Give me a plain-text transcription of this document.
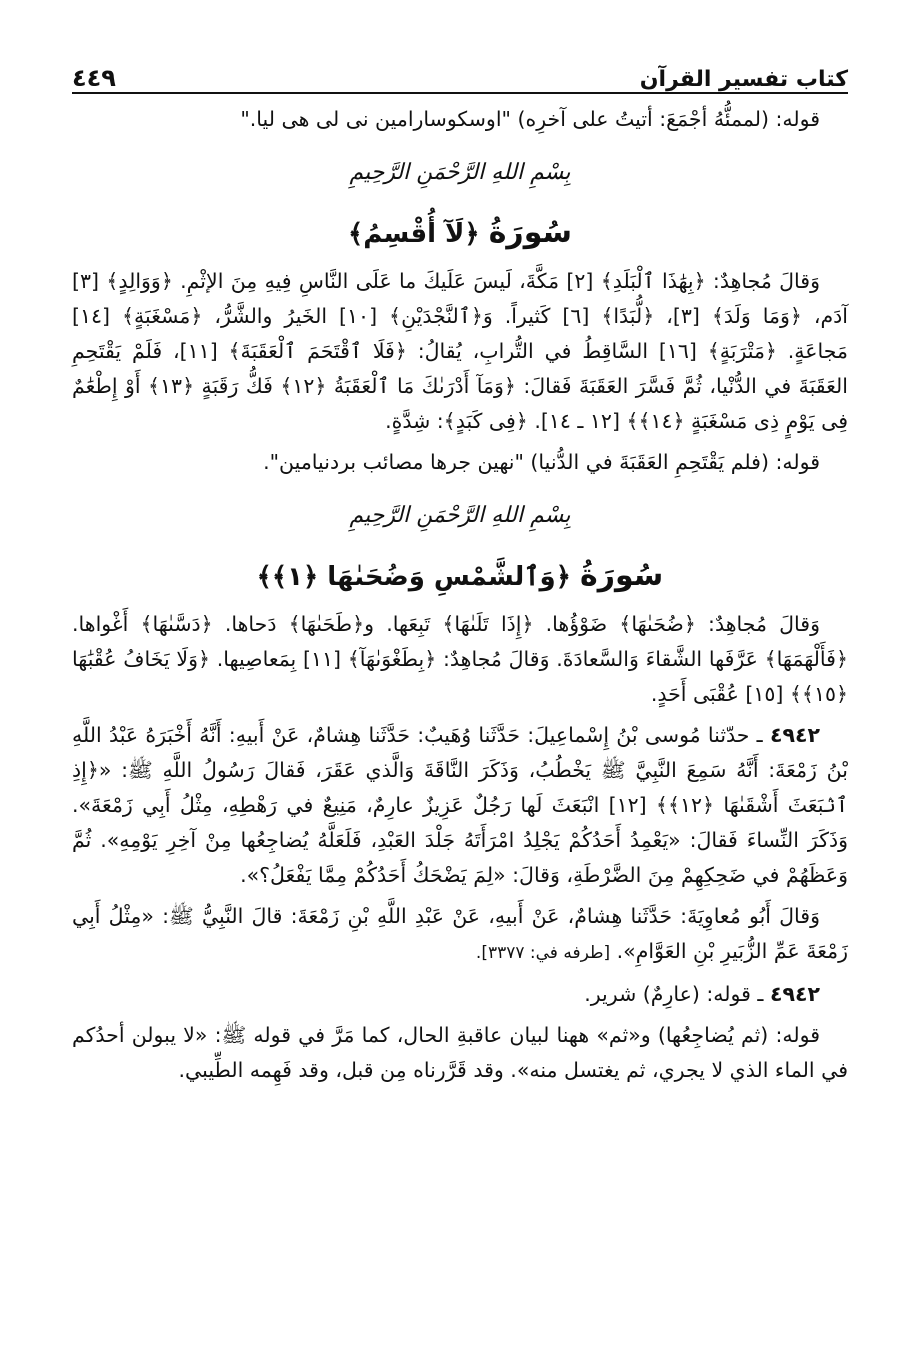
كتاب تفسير القرآن
٤٤٩

قوله: (لممئُّهُ أجْمَعَ: أتيتُ على آخرِه) "اوسكوسارامين نى لى هى ليا."

بِسْمِ اللهِ الرَّحْمَنِ الرَّحِيمِ
سُورَةُ ﴿لَآ أُقْسِمُ﴾

وَقالَ مُجاهِدٌ: ﴿بِهَٰذَا ٱلْبَلَدِ﴾ [٢] مَكَّةَ، لَيسَ عَلَيكَ ما عَلَى النَّاسِ فِيهِ مِنَ الإثْمِ. ﴿وَوَالِدٍ﴾ [٣] آدَم، ﴿وَمَا وَلَدَ﴾ [٣]، ﴿لُّبَدًا﴾ [٦] كَثيراً. وَ﴿ٱلنَّجْدَيْنِ﴾ [١٠] الخَيرُ والشَّرُّ، ﴿مَسْغَبَةٍ﴾ [١٤] مَجاعَةٍ. ﴿مَتْرَبَةٍ﴾ [١٦] السَّاقِطُ في التُّرابِ، يُقالُ: ﴿فَلَا ٱقْتَحَمَ ٱلْعَقَبَةَ﴾ [١١]، فَلَمْ يَقْتَحِمِ العَقَبَةَ في الدُّنْيا، ثُمَّ فَسَّرَ العَقَبَةَ فَقالَ: ﴿وَمَآ أَدْرَىٰكَ مَا ٱلْعَقَبَةُ ﴿١٢﴾ فَكُّ رَقَبَةٍ ﴿١٣﴾ أَوْ إِطْعَٰمٌ فِى يَوْمٍ ذِى مَسْغَبَةٍ ﴿١٤﴾﴾ [١٢ ـ ١٤]. ﴿فِى كَبَدٍ﴾: شِدَّةٍ.

قوله: (فلم يَقْتَحِمِ العَقَبَةَ في الدُّنيا) "نهين جرها مصائب بردنيامين".

بِسْمِ اللهِ الرَّحْمَنِ الرَّحِيمِ
سُورَةُ ﴿وَٱلشَّمْسِ وَضُحَىٰهَا ﴿١﴾﴾

وَقالَ مُجاهِدٌ: ﴿ضُحَىٰهَا﴾ ضَوْؤُها. ﴿إِذَا تَلَىٰهَا﴾ تَبِعَها. و﴿طَحَىٰهَا﴾ دَحاها. ﴿دَسَّىٰهَا﴾ أَغْواها. ﴿فَأَلْهَمَهَا﴾ عَرَّفَها الشَّقاءَ وَالسَّعادَةَ. وَقالَ مُجاهِدٌ: ﴿بِطَغْوَىٰهَآ﴾ [١١] بِمَعاصِيها. ﴿وَلَا يَخَافُ عُقْبَٰهَا ﴿١٥﴾﴾ [١٥] عُقْبَى أَحَدٍ.

٤٩٤٢ ـ حدّثنا مُوسى بْنُ إِسْماعِيلَ: حَدَّثَنا وُهَيبٌ: حَدَّثَنا هِشامٌ، عَنْ أَبيهِ: أَنَّهُ أَخْبَرَهُ عَبْدُ اللَّهِ بْنُ زَمْعَةَ: أَنَّهُ سَمِعَ النَّبِيَّ ﷺ يَخْطُبُ، وَذَكَرَ النَّاقَةَ وَالَّذي عَقَرَ، فَقالَ رَسُولُ اللَّهِ ﷺ: «﴿إِذِ ٱنۢبَعَثَ أَشْقَىٰهَا ﴿١٢﴾﴾ [١٢] انْبَعَثَ لَها رَجُلٌ عَزِيزٌ عارِمٌ، مَنِيعٌ في رَهْطِهِ، مِثْلُ أَبِي زَمْعَةَ». وَذَكَرَ النِّساءَ فَقالَ: «يَعْمِدُ أَحَدُكُمْ يَجْلِدُ امْرَأَتَهُ جَلْدَ العَبْدِ، فَلَعَلَّهُ يُضاجِعُها مِنْ آخِرِ يَوْمِهِ». ثُمَّ وَعَظَهُمْ في ضَحِكِهِمْ مِنَ الضَّرْطَةِ، وَقالَ: «لِمَ يَضْحَكُ أَحَدُكُمْ مِمَّا يَفْعَلُ؟».

وَقالَ أَبُو مُعاوِيَةَ: حَدَّثَنا هِشامٌ، عَنْ أَبيهِ، عَنْ عَبْدِ اللَّهِ بْنِ زَمْعَةَ: قالَ النَّبِيُّ ﷺ: «مِثْلُ أَبِي زَمْعَةَ عَمِّ الزُّبَيرِ بْنِ العَوَّامِ». [طرفه في: ٣٣٧٧].

٤٩٤٢ ـ قوله: (عارِمٌ) شرير.

قوله: (ثم يُضاجِعُها) و«ثم» ههنا لبيان عاقبةِ الحال، كما مَرَّ في قوله ﷺ: «لا يبولن أحدُكم في الماء الذي لا يجري، ثم يغتسل منه». وقد قَرَّرناه مِن قبل، وقد فَهِمه الطِّيبي.
